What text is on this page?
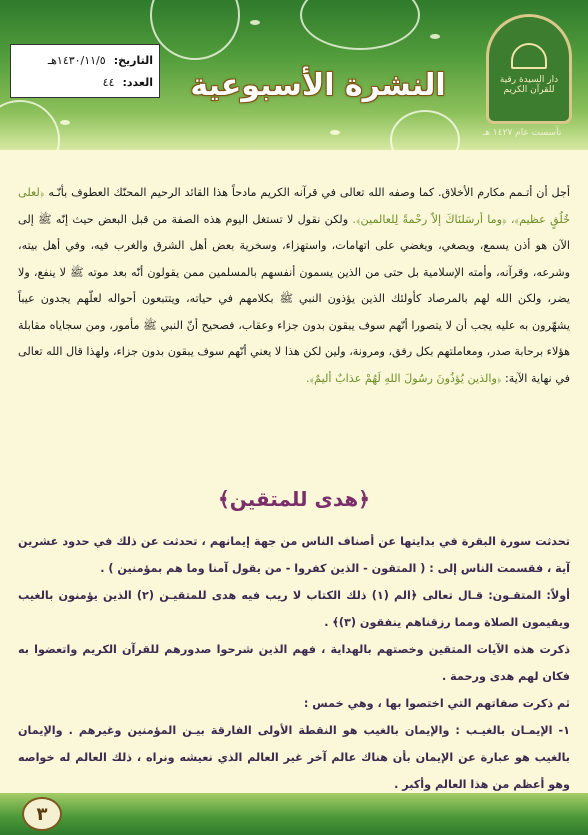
التاريخ:
١٤٣٠/١١/٥هـ
العدد:
٤٤	النشرة الأسبوعية	دار السيدة رقية للقرآن الكريم
تأسست عام ١٤٢٧ هـ
أجل أن أتـمم مكارم الأخلاق. كما وصفه الله تعالى في قرآنه الكريم مادحاً هذا القائد الرحيم المحنّك العطوف بأنّـه ﴿لعلى خُلُقٍ عظيم﴾، ﴿وما أرسَلنَاكَ إلاّ رحْمةً لِلعالمين﴾. ولكن نقول لا تستغل اليوم هذه الصفة من قبل البعض حيث إنّه ﷺ إلى الآن هو أذن يسمع، ويصغي، ويغضي على اتهامات، واستهزاء، وسخرية بعض أهل الشرق والغرب فيه، وفي أهل بيته، وشرعه، وقرآنه، وأمته الإسلامية بل حتى من الذين يسمون أنفسهم بالمسلمين ممن يقولون أنّه بعد موته ﷺ لا ينفع، ولا يضر، ولكن الله لهم بالمرصاد كأولئك الذين يؤذون النبي ﷺ بكلامهم في حياته، ويتتبعون أحواله لعلّهم يجدون عيباً يشهّرون به عليه يجب أن لا يتصورا أنّهم سوف يبقون بدون جزاء وعقاب، فصحيح أنّ النبي ﷺ مأمور، ومن سجاياه مقابلة هؤلاء برحابة صدر، ومعاملتهم بكل رفق، ومرونة، ولين لكن هذا لا يعني أنّهم سوف يبقون بدون جزاء، ولهذا قال الله تعالى في نهاية الآية: ﴿والذين يُؤذُونَ رسُولَ اللهِ لَهُمْ عذابٌ أليمٌ﴾.
﴿هدى للمتقين﴾

تحدثت سورة البقرة في بدايتها عن أصناف الناس من جهة إيمانهم ، تحدثت عن ذلك في حدود عشرين آية ، فقسمت الناس إلى : ( المتقون - الذين كفروا - من يقول آمنا وما هم بمؤمنين ) .

أولاً: المتقـون: قـال تعالى ﴿الم (١) ذلك الكتاب لا ريب فيه هدى للمتقيـن (٢) الذين يؤمنون بالغيب ويقيمون الصلاة ومما رزقناهم ينفقون (٣)﴾ .

ذكرت هذه الآيات المتقين وخصتهم بالهداية ، فهم الذين شرحوا صدورهم للقرآن الكريم واتعضوا به فكان لهم هدى ورحمة .

ثم ذكرت صفاتهم التي اختصوا بها ، وهي خمس :

١- الإيمـان بالغيـب : والإيمان بالغيب هو النقطة الأولى الفارقة بيـن المؤمنين وغيرهم . والإيمان بالغيب هو عبارة عن الإيمان بأن هناك عالم آخر غير العالم الذي نعيشه ونراه ، ذلك العالم له خواصه وهو أعظم من هذا العالم وأكبر .

٣
